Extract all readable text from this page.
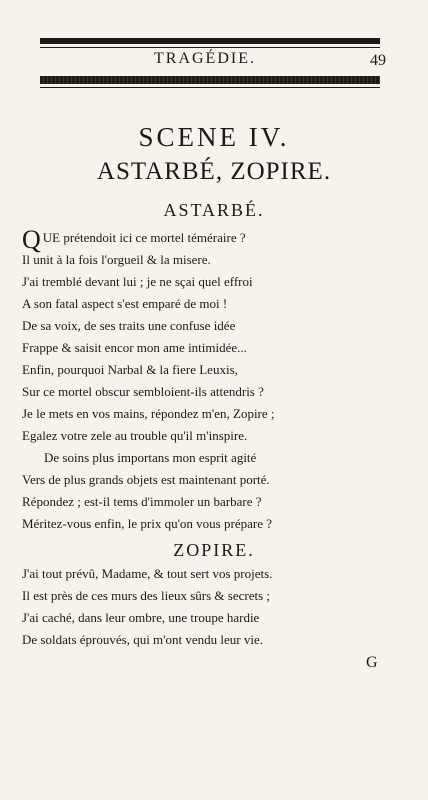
TRAGÉDIE.	49
SCENE IV.
ASTARBÉ, ZOPIRE.
ASTARBÉ.
QUE prétendoit ici ce mortel téméraire ?
Il unit à la fois l'orgueil & la misere.
J'ai tremblé devant lui ; je ne sçai quel effroi
A son fatal aspect s'est emparé de moi !
De sa voix, de ses traits une confuse idée
Frappe & saisit encor mon ame intimidée...
Enfin, pourquoi Narbal & la fiere Leuxis,
Sur ce mortel obscur sembloient-ils attendris ?
Je le mets en vos mains, répondez m'en, Zopire ;
Egalez votre zele au trouble qu'il m'inspire.
De soins plus importans mon esprit agité
Vers de plus grands objets est maintenant porté.
Répondez ; est-il tems d'immoler un barbare ?
Méritez-vous enfin, le prix qu'on vous prépare ?
ZOPIRE.
J'ai tout prévû, Madame, & tout sert vos projets.
Il est près de ces murs des lieux sûrs & secrets ;
J'ai caché, dans leur ombre, une troupe hardie
De soldats éprouvés, qui m'ont vendu leur vie.
G
